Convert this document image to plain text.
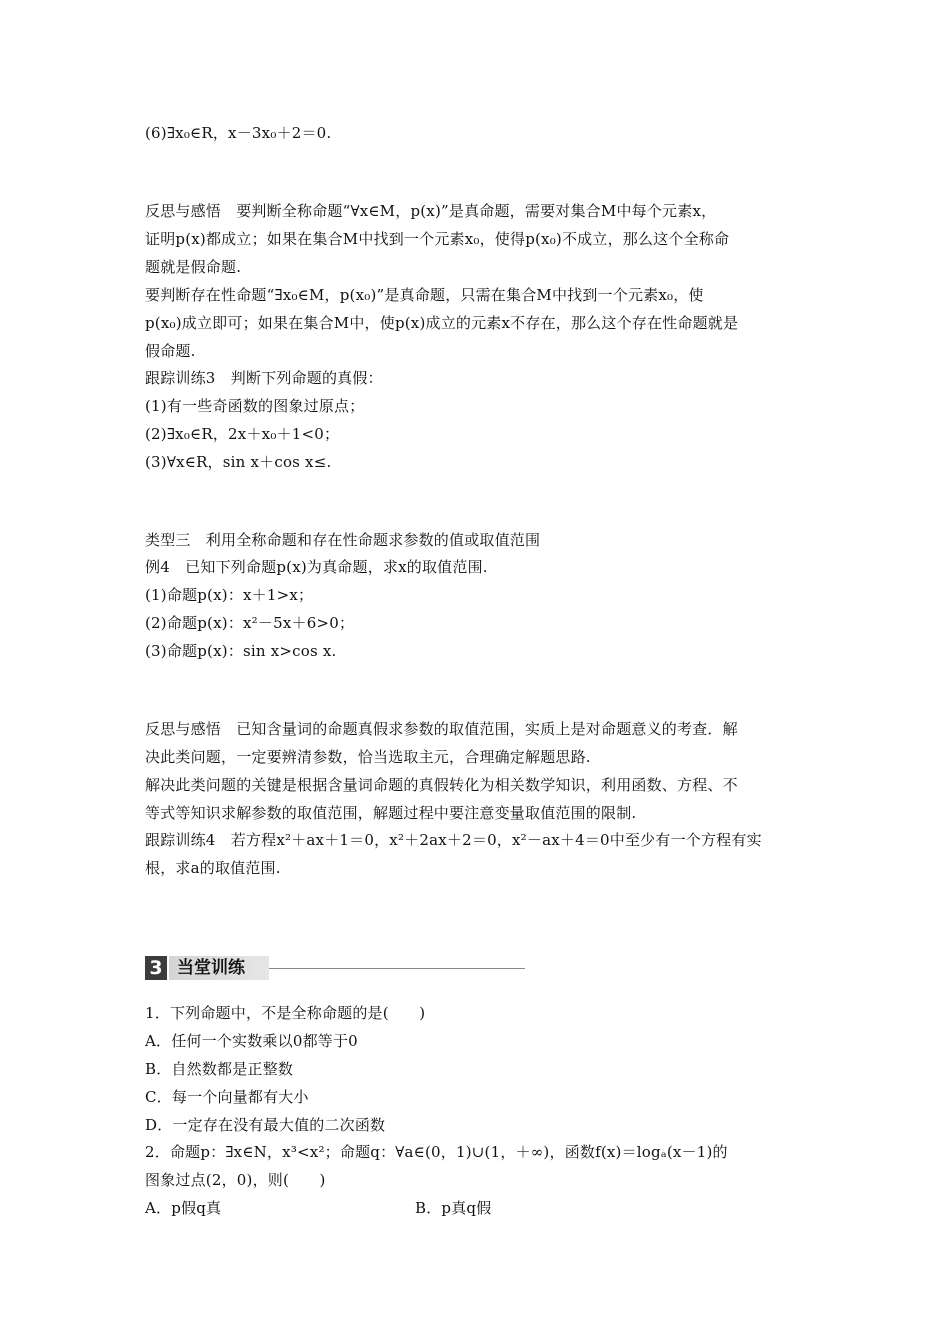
(6)∃x₀∈R，x－3x₀＋2＝0.
反思与感悟　要判断全称命题“∀x∈M，p(x)”是真命题，需要对集合M中每个元素x，
证明p(x)都成立；如果在集合M中找到一个元素x₀，使得p(x₀)不成立，那么这个全称命
题就是假命题.
要判断存在性命题“∃x₀∈M，p(x₀)”是真命题，只需在集合M中找到一个元素x₀，使
p(x₀)成立即可；如果在集合M中，使p(x)成立的元素x不存在，那么这个存在性命题就是
假命题.
跟踪训练3　判断下列命题的真假：
(1)有一些奇函数的图象过原点；
(2)∃x₀∈R，2x＋x₀＋1<0；
(3)∀x∈R，sin x＋cos x≤.
类型三　利用全称命题和存在性命题求参数的值或取值范围
例4　已知下列命题p(x)为真命题，求x的取值范围.
(1)命题p(x)：x＋1>x；
(2)命题p(x)：x²－5x＋6>0；
(3)命题p(x)：sin x>cos x.
反思与感悟　已知含量词的命题真假求参数的取值范围，实质上是对命题意义的考查．解
决此类问题，一定要辨清参数，恰当选取主元，合理确定解题思路.
解决此类问题的关键是根据含量词命题的真假转化为相关数学知识，利用函数、方程、不
等式等知识求解参数的取值范围，解题过程中要注意变量取值范围的限制.
跟踪训练4　若方程x²＋ax＋1＝0，x²＋2ax＋2＝0，x²－ax＋4＝0中至少有一个方程有实
根，求a的取值范围.
3 当堂训练
1．下列命题中，不是全称命题的是(　　)
A．任何一个实数乘以0都等于0
B．自然数都是正整数
C．每一个向量都有大小
D．一定存在没有最大值的二次函数
2．命题p：∃x∈N，x³<x²；命题q：∀a∈(0，1)∪(1，＋∞)，函数f(x)＝logₐ(x－1)的
图象过点(2，0)，则(　　)
A．p假q真	B．p真q假
